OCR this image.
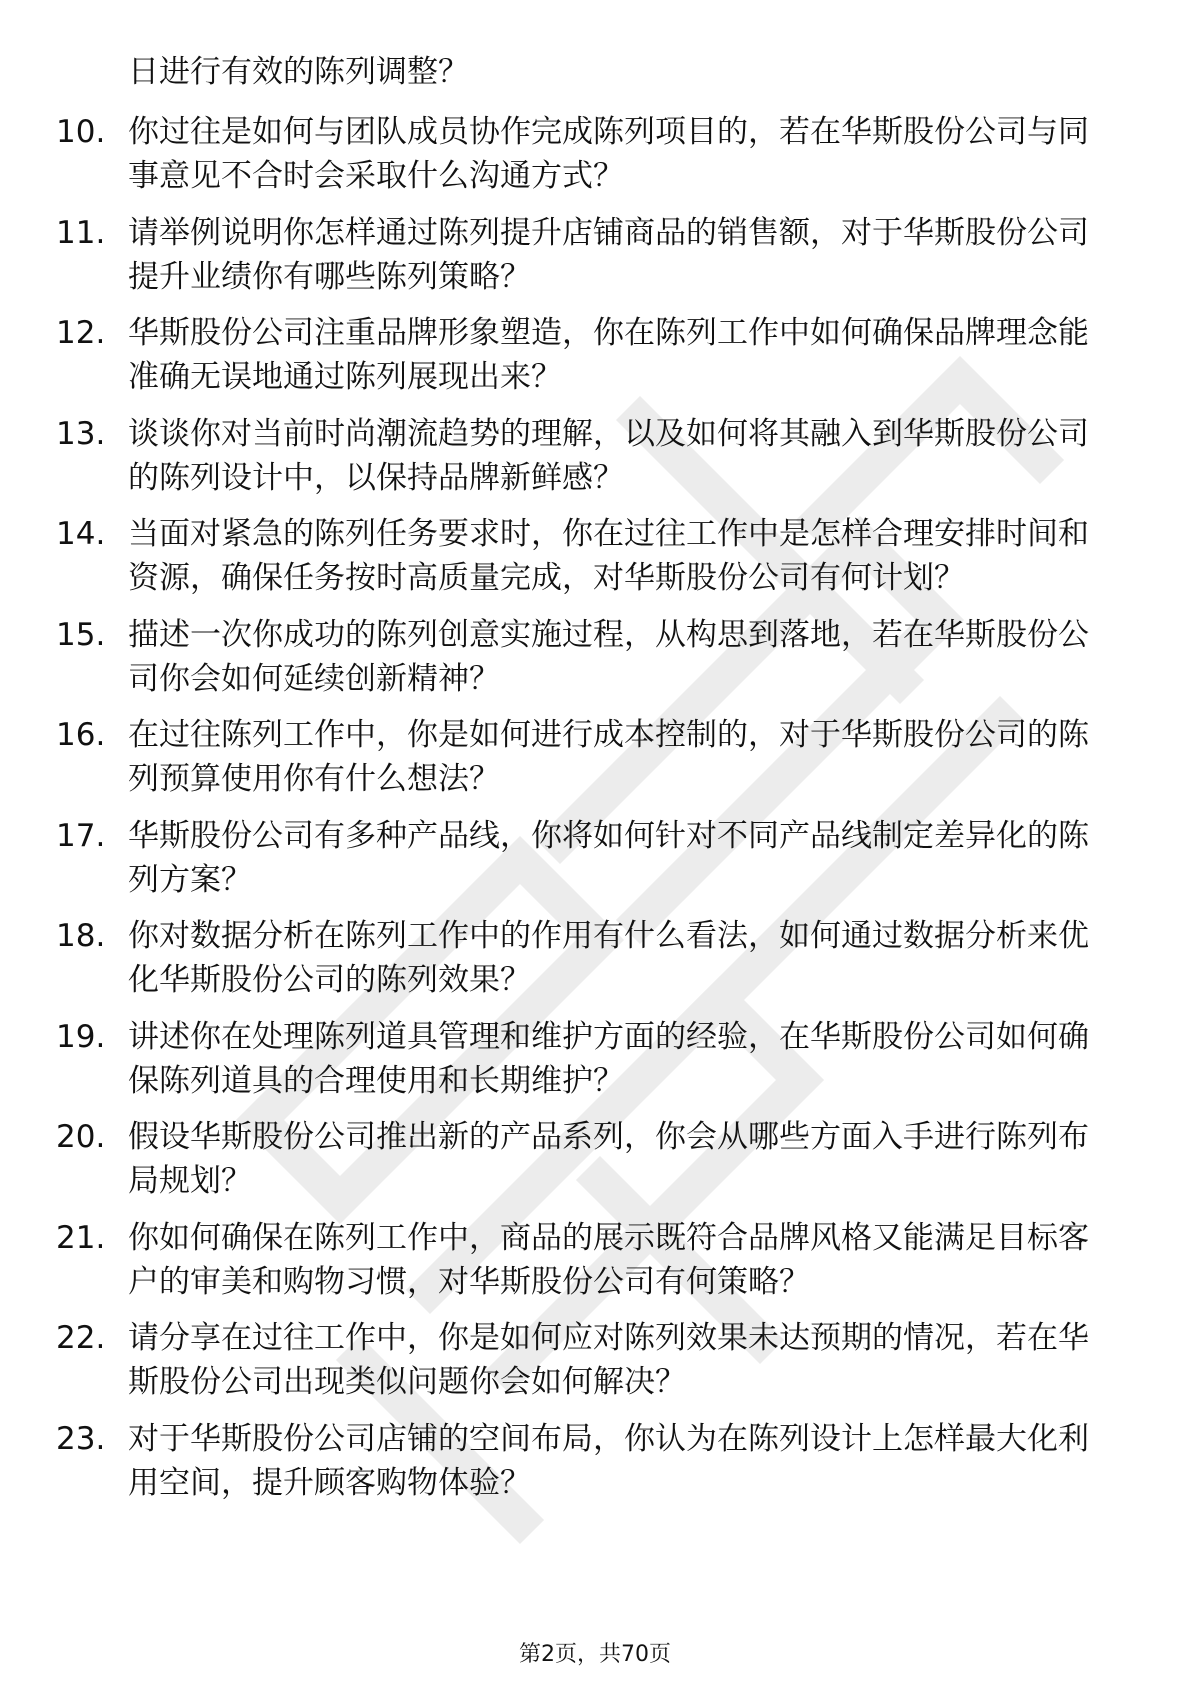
日进行有效的陈列调整？
10. 你过往是如何与团队成员协作完成陈列项目的，若在华斯股份公司与同事意见不合时会采取什么沟通方式？
11. 请举例说明你怎样通过陈列提升店铺商品的销售额，对于华斯股份公司提升业绩你有哪些陈列策略？
12. 华斯股份公司注重品牌形象塑造，你在陈列工作中如何确保品牌理念能准确无误地通过陈列展现出来？
13. 谈谈你对当前时尚潮流趋势的理解，以及如何将其融入到华斯股份公司的陈列设计中，以保持品牌新鲜感？
14. 当面对紧急的陈列任务要求时，你在过往工作中是怎样合理安排时间和资源，确保任务按时高质量完成，对华斯股份公司有何计划？
15. 描述一次你成功的陈列创意实施过程，从构思到落地，若在华斯股份公司你会如何延续创新精神？
16. 在过往陈列工作中，你是如何进行成本控制的，对于华斯股份公司的陈列预算使用你有什么想法？
17. 华斯股份公司有多种产品线，你将如何针对不同产品线制定差异化的陈列方案？
18. 你对数据分析在陈列工作中的作用有什么看法，如何通过数据分析来优化华斯股份公司的陈列效果？
19. 讲述你在处理陈列道具管理和维护方面的经验，在华斯股份公司如何确保陈列道具的合理使用和长期维护？
20. 假设华斯股份公司推出新的产品系列，你会从哪些方面入手进行陈列布局规划？
21. 你如何确保在陈列工作中，商品的展示既符合品牌风格又能满足目标客户的审美和购物习惯，对华斯股份公司有何策略？
22. 请分享在过往工作中，你是如何应对陈列效果未达预期的情况，若在华斯股份公司出现类似问题你会如何解决？
23. 对于华斯股份公司店铺的空间布局，你认为在陈列设计上怎样最大化利用空间，提升顾客购物体验？
第2页，共70页
